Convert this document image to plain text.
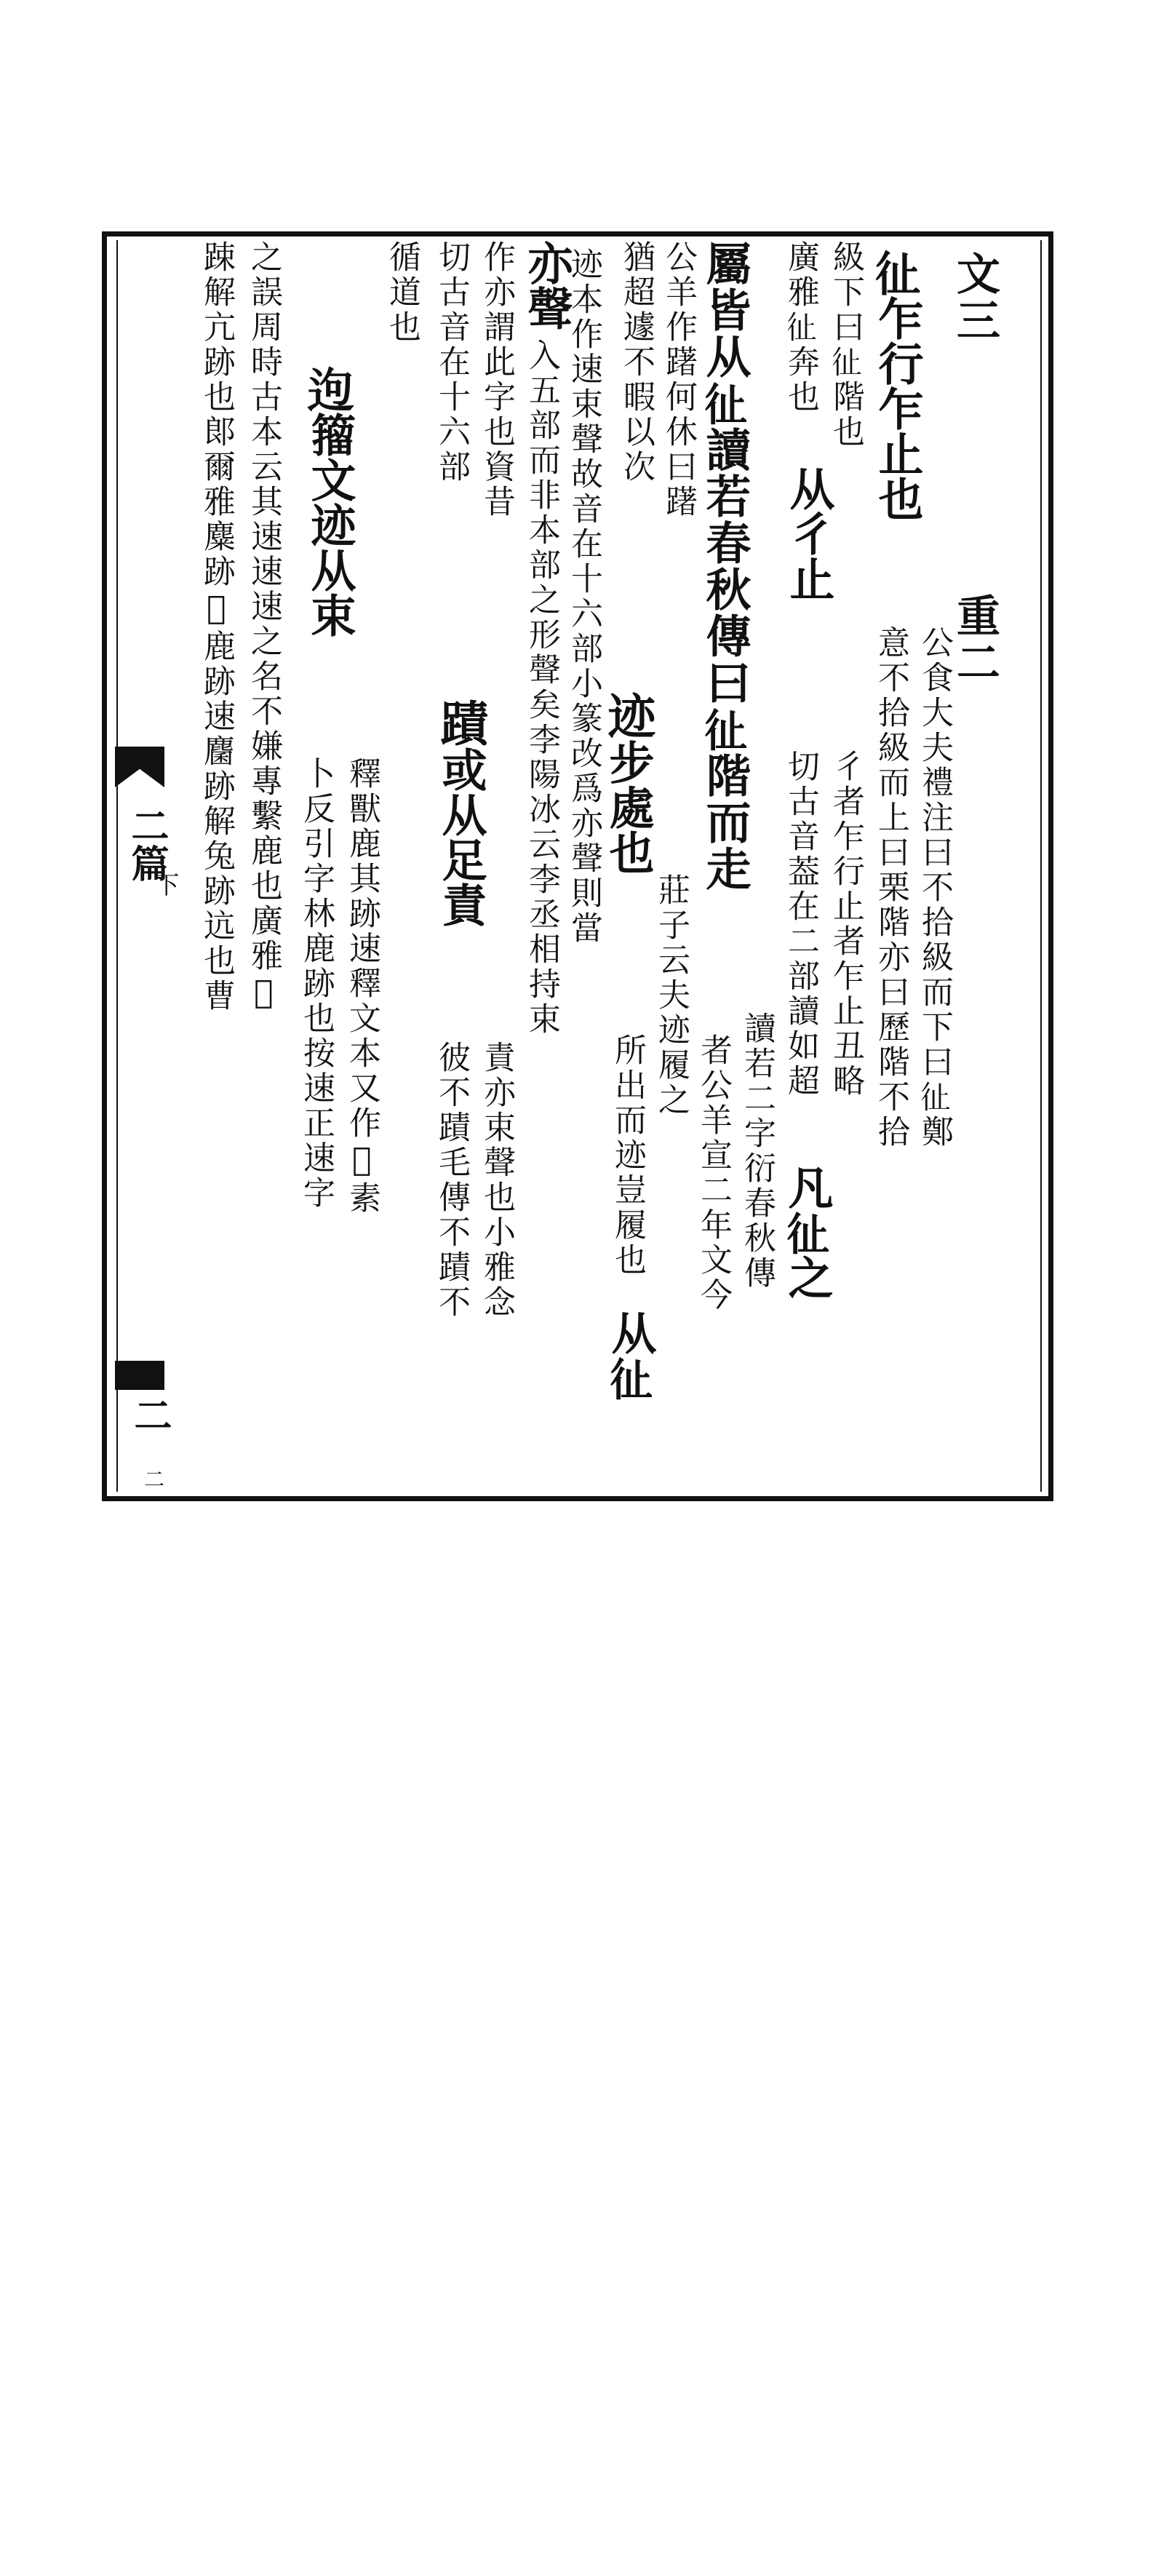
二篇
下
二
二
文三
重二
𢓊乍行乍止也
公食大夫禮注曰不拾級而下曰𢓊鄭
意不拾級而上曰栗階亦曰歷階不拾
級下曰𢓊階也
从彳止
彳者乍行止者乍止丑略
廣雅𢓊奔也
切古音葢在二部讀如超
凡𢓊之
屬皆从𢓊讀若春秋傳曰𢓊階而走
讀若二字衍春秋傳
公羊作躇何休曰躇
者公羊宣二年文今
猶超遽不暇以次
迹步處也
莊子云夫迹履之
迹本作速束聲故音在十六部小篆改爲亦聲則當
所出而迹豈履也
从𢓊
亦聲
入五部而非本部之形聲矣李陽冰云李丞相持束
作亦謂此字也資昔
蹟或从足責
責亦束聲也小雅念
切古音在十六部
彼不蹟毛傳不蹟不
循道也
𨒡籀文迹从束
釋獸鹿其跡速釋文本又作𨙈素
卜反引字林鹿跡也按速正速字
之誤周時古本云其速速速之名不嫌專繫鹿也廣雅𨙈
踈解亢跡也郞爾雅麋跡𨙈鹿跡速麕跡解兔跡迒也曹
